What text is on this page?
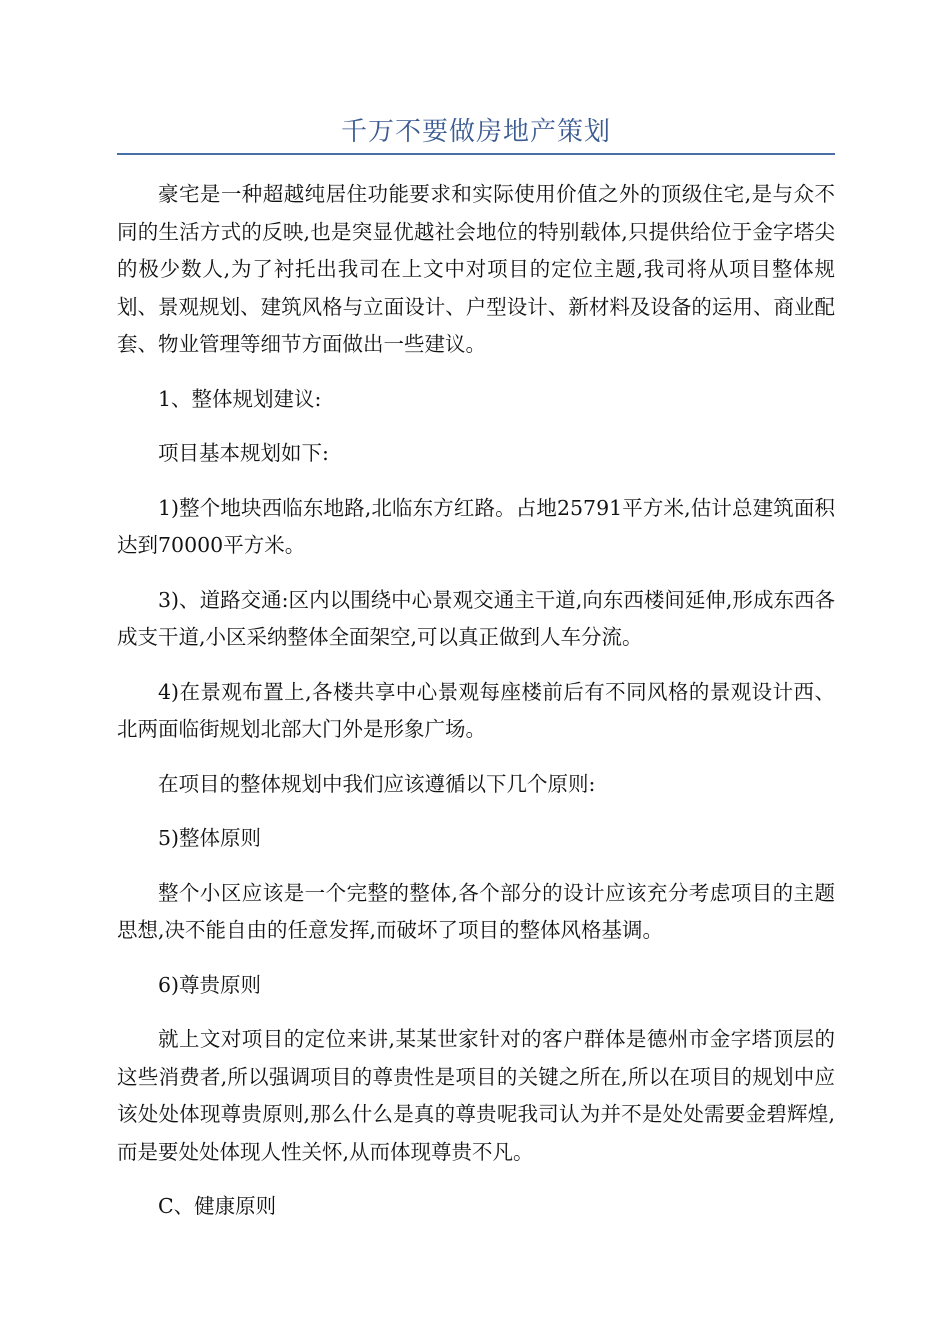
千万不要做房地产策划

豪宅是一种超越纯居住功能要求和实际使用价值之外的顶级住宅,是与众不同的生活方式的反映,也是突显优越社会地位的特别载体,只提供给位于金字塔尖的极少数人,为了衬托出我司在上文中对项目的定位主题,我司将从项目整体规划、景观规划、建筑风格与立面设计、户型设计、新材料及设备的运用、商业配套、物业管理等细节方面做出一些建议。

1、整体规划建议:

项目基本规划如下:

1)整个地块西临东地路,北临东方红路。占地25791平方米,估计总建筑面积达到70000平方米。

3)、道路交通:区内以围绕中心景观交通主干道,向东西楼间延伸,形成东西各成支干道,小区采纳整体全面架空,可以真正做到人车分流。

4)在景观布置上,各楼共享中心景观每座楼前后有不同风格的景观设计西、北两面临街规划北部大门外是形象广场。

在项目的整体规划中我们应该遵循以下几个原则:

5)整体原则

整个小区应该是一个完整的整体,各个部分的设计应该充分考虑项目的主题思想,决不能自由的任意发挥,而破坏了项目的整体风格基调。

6)尊贵原则

就上文对项目的定位来讲,某某世家针对的客户群体是德州市金字塔顶层的这些消费者,所以强调项目的尊贵性是项目的关键之所在,所以在项目的规划中应该处处体现尊贵原则,那么什么是真的尊贵呢我司认为并不是处处需要金碧辉煌,而是要处处体现人性关怀,从而体现尊贵不凡。

C、健康原则
